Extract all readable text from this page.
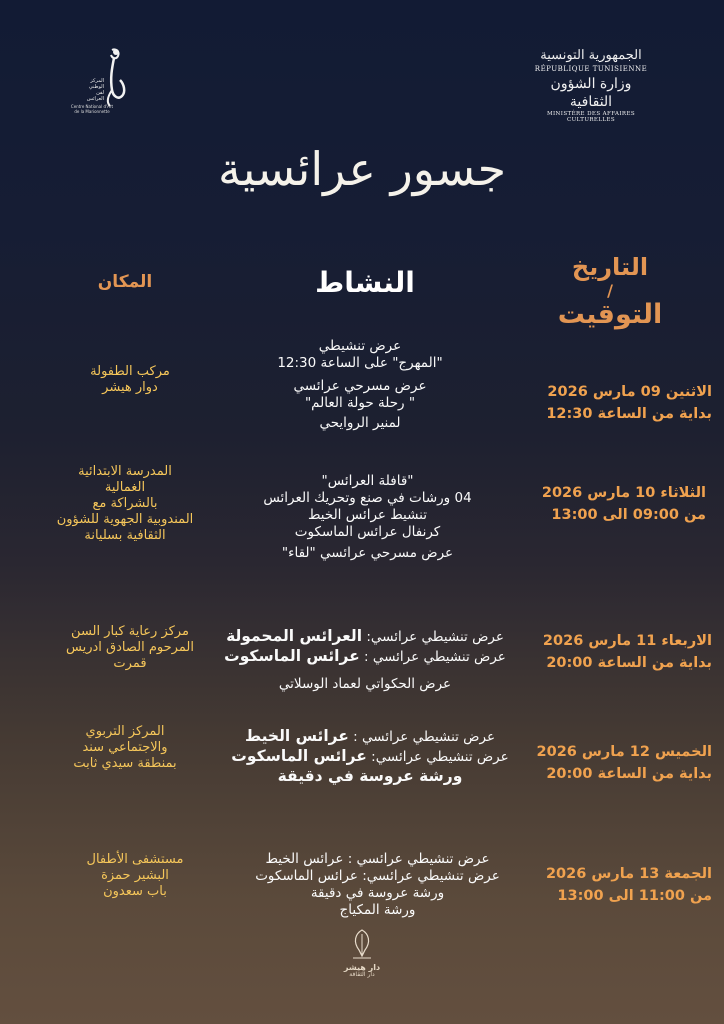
المركز
الوطني
لفن
العرائس
Centre National d'Art de la Marionnette
الجمهورية التونسية
RÉPUBLIQUE TUNISIENNE
وزارة الشؤون الثقافية
MINISTÈRE DES AFFAIRES CULTURELLES
جسور عرائسية
التاريخ
/
التوقيت
النشاط
المكان
الاثنين 09 مارس 2026
بداية من الساعة 12:30
عرض تنشيطي
"المهرج" على الساعة 12:30
عرض مسرحي عرائسي
" رحلة حولة العالم"
لمنير الروايحي
مركب الطفولة
دوار هيشر
الثلاثاء 10 مارس 2026
من 09:00 الى 13:00
"قافلة العرائس"
04 ورشات في صنع وتحريك العرائس
تنشيط عرائس الخيط
كرنفال عرائس الماسكوت
عرض مسرحي عرائسي "لقاء"
المدرسة الابتدائية
الغمالية
بالشراكة مع
المندوبية الجهوية للشؤون
الثقافية بسليانة
الاربعاء 11 مارس 2026
بداية من الساعة 20:00
عرض تنشيطي عرائسي: العرائس المحمولة
عرض تنشيطي عرائسي : عرائس الماسكوت
عرض الحكواتي لعماد الوسلاتي
مركز رعاية كبار السن
المرحوم الصادق ادريس
قمرت
الخميس 12 مارس 2026
بداية من الساعة 20:00
عرض تنشيطي عرائسي : عرائس الخيط
عرض تنشيطي عرائسي: عرائس الماسكوت
ورشة عروسة في دقيقة
المركز التربوي
والاجتماعي سند
بمنطقة سيدي ثابت
الجمعة 13 مارس 2026
من 11:00 الى 13:00
عرض تنشيطي عرائسي : عرائس الخيط
عرض تنشيطي عرائسي: عرائس الماسكوت
ورشة عروسة في دقيقة
ورشة المكياج
مستشفى الأطفال
البشير حمزة
باب سعدون
دار هيشر
دار الثقافة
